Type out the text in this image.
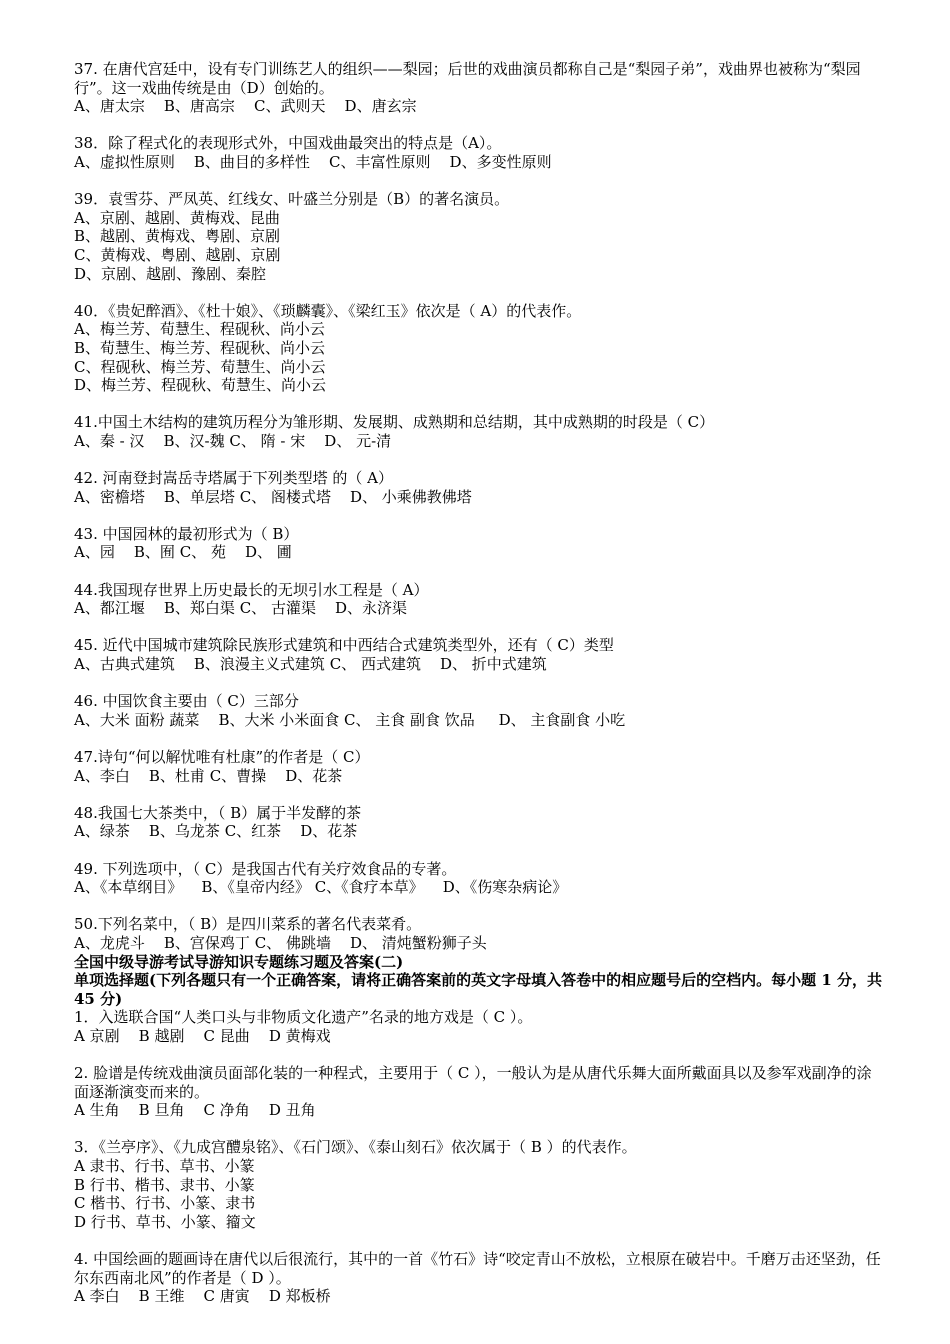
37. 在唐代宫廷中，设有专门训练艺人的组织——梨园；后世的戏曲演员都称自己是“梨园子弟”，戏曲界也被称为“梨园行”。这一戏曲传统是由（D）创始的。
A、唐太宗    B、唐高宗    C、武则天    D、唐玄宗
38．除了程式化的表现形式外，中国戏曲最突出的特点是（A）。
A、虚拟性原则    B、曲目的多样性    C、丰富性原则    D、多变性原则
39．袁雪芬、严凤英、红线女、叶盛兰分别是（B）的著名演员。
A、京剧、越剧、黄梅戏、昆曲
B、越剧、黄梅戏、粤剧、京剧
C、黄梅戏、粤剧、越剧、京剧
D、京剧、越剧、豫剧、秦腔
40．《贵妃醉酒》、《杜十娘》、《琐麟囊》、《梁红玉》依次是（ A）的代表作。
A、梅兰芳、荀慧生、程砚秋、尚小云
B、荀慧生、梅兰芳、程砚秋、尚小云
C、程砚秋、梅兰芳、荀慧生、尚小云
D、梅兰芳、程砚秋、荀慧生、尚小云
41.中国土木结构的建筑历程分为雏形期、发展期、成熟期和总结期，其中成熟期的时段是（ C）
A、秦 - 汉    B、汉-魏 C、 隋 - 宋    D、 元-清
42. 河南登封嵩岳寺塔属于下列类型塔 的（ A）
A、密檐塔    B、单层塔 C、 阁楼式塔    D、 小乘佛教佛塔
43. 中国园林的最初形式为（ B）
A、园    B、囿 C、 苑    D、 圃
44.我国现存世界上历史最长的无坝引水工程是（ A）
A、都江堰    B、郑白渠 C、 古灌渠    D、永济渠
45. 近代中国城市建筑除民族形式建筑和中西结合式建筑类型外，还有（ C）类型
A、古典式建筑    B、浪漫主义式建筑 C、 西式建筑    D、 折中式建筑
46. 中国饮食主要由（ C）三部分
A、大米 面粉 蔬菜    B、大米 小米面食 C、 主食 副食 饮品     D、 主食副食 小吃
47.诗句“何以解忧唯有杜康”的作者是（ C）
A、李白    B、杜甫 C、曹操    D、花茶
48.我国七大茶类中，（ B）属于半发酵的茶
A、绿茶    B、乌龙茶 C、红茶    D、花茶
49. 下列选项中，（ C）是我国古代有关疗效食品的专著。
A、《本草纲目》    B、《皇帝内经》 C、《食疗本草》    D、《伤寒杂病论》
50.下列名菜中，（ B）是四川菜系的著名代表菜肴。
A、龙虎斗    B、宫保鸡丁 C、 佛跳墙    D、 清炖蟹粉狮子头
全国中级导游考试导游知识专题练习题及答案(二)
单项选择题(下列各题只有一个正确答案，请将正确答案前的英文字母填入答卷中的相应题号后的空档内。每小题 1 分，共 45 分)
1．入选联合国“人类口头与非物质文化遗产”名录的地方戏是（ C ）。
A 京剧    B 越剧    C 昆曲    D 黄梅戏
2. 脸谱是传统戏曲演员面部化装的一种程式，主要用于（ C ），一般认为是从唐代乐舞大面所戴面具以及参军戏副净的涂面逐渐演变而来的。
A 生角    B 旦角    C 净角    D 丑角
3．《兰亭序》、《九成宫醴泉铭》、《石门颂》、《泰山刻石》依次属于（ B ）的代表作。
A 隶书、行书、草书、小篆
B 行书、楷书、隶书、小篆
C 楷书、行书、小篆、隶书
D 行书、草书、小篆、籀文
4. 中国绘画的题画诗在唐代以后很流行，其中的一首《竹石》诗“咬定青山不放松，立根原在破岩中。千磨万击还坚劲，任尔东西南北风”的作者是（ D ）。
A 李白    B 王维    C 唐寅    D 郑板桥
